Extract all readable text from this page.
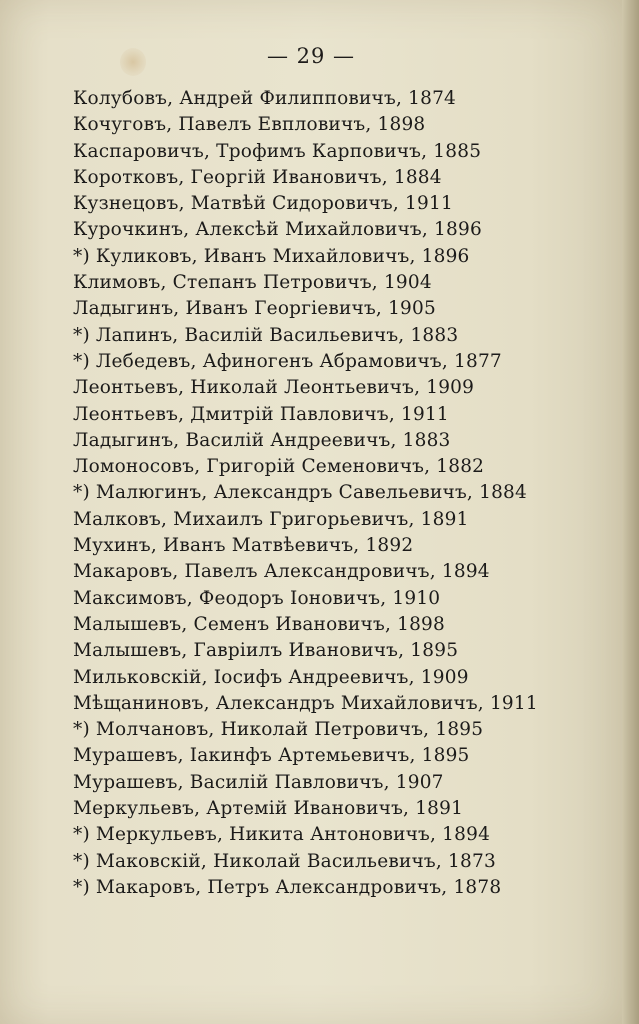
— 29 —
Колубовъ, Андрей Филипповичъ, 1874
Кочуговъ, Павелъ Евпловичъ, 1898
Каспаровичъ, Трофимъ Карповичъ, 1885
Коротковъ, Георгій Ивановичъ, 1884
Кузнецовъ, Матвѣй Сидоровичъ, 1911
Курочкинъ, Алексѣй Михайловичъ, 1896
*) Куликовъ, Иванъ Михайловичъ, 1896
Климовъ, Степанъ Петровичъ, 1904
Ладыгинъ, Иванъ Георгіевичъ, 1905
*) Лапинъ, Василій Васильевичъ, 1883
*) Лебедевъ, Афиногенъ Абрамовичъ, 1877
Леонтьевъ, Николай Леонтьевичъ, 1909
Леонтьевъ, Дмитрій Павловичъ, 1911
Ладыгинъ, Василій Андреевичъ, 1883
Ломоносовъ, Григорій Семеновичъ, 1882
*) Малюгинъ, Александръ Савельевичъ, 1884
Малковъ, Михаилъ Григорьевичъ, 1891
Мухинъ, Иванъ Матвѣевичъ, 1892
Макаровъ, Павелъ Александровичъ, 1894
Максимовъ, Феодоръ Іоновичъ, 1910
Малышевъ, Семенъ Ивановичъ, 1898
Малышевъ, Гавріилъ Ивановичъ, 1895
Мильковскій, Іосифъ Андреевичъ, 1909
Мѣщаниновъ, Александръ Михайловичъ, 1911
*) Молчановъ, Николай Петровичъ, 1895
Мурашевъ, Іакинфъ Артемьевичъ, 1895
Мурашевъ, Василій Павловичъ, 1907
Меркульевъ, Артемій Ивановичъ, 1891
*) Меркульевъ, Никита Антоновичъ, 1894
*) Маковскій, Николай Васильевичъ, 1873
*) Макаровъ, Петръ Александровичъ, 1878
